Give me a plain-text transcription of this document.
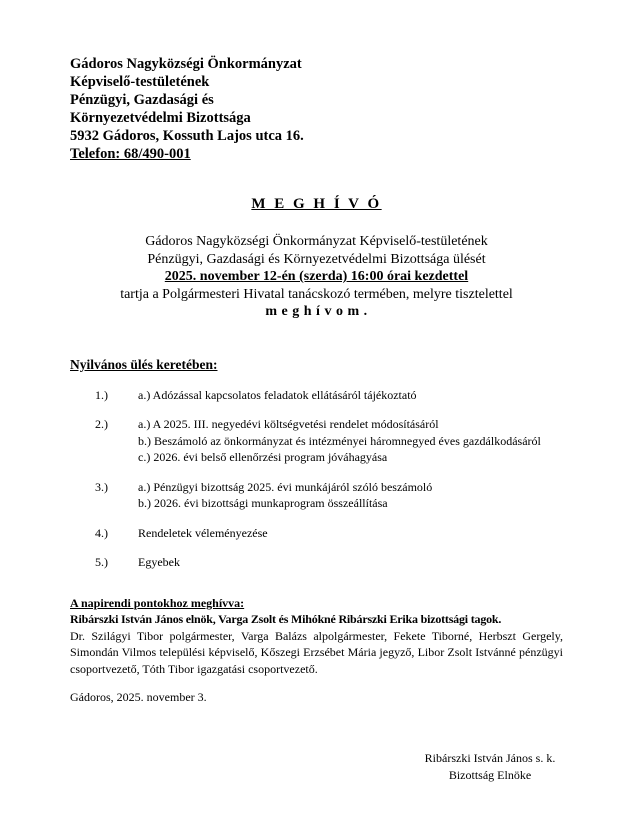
Gádoros Nagyközségi Önkormányzat
Képviselő-testületének
Pénzügyi, Gazdasági és
Környezetvédelmi Bizottsága
5932 Gádoros, Kossuth Lajos utca 16.
Telefon: 68/490-001
M E G H Í V Ó
Gádoros Nagyközségi Önkormányzat Képviselő-testületének
Pénzügyi, Gazdasági és Környezetvédelmi Bizottsága ülését
2025. november 12-én (szerda) 16:00 órai kezdettel
tartja a Polgármesteri Hivatal tanácskozó termében, melyre tisztelettel
m e g h í v o m .
Nyilvános ülés keretében:
1.)	a.) Adózással kapcsolatos feladatok ellátásáról tájékoztató
2.)	a.) A 2025. III. negyedévi költségvetési rendelet módosításáról
b.) Beszámoló az önkormányzat és intézményei háromnegyed éves gazdálkodásáról
c.) 2026. évi belső ellenőrzési program jóváhagyása
3.)	a.) Pénzügyi bizottság 2025. évi munkájáról szóló beszámoló
b.) 2026. évi bizottsági munkaprogram összeállítása
4.)	Rendeletek véleményezése
5.)	Egyebek
A napirendi pontokhoz meghívva:
Ribárszki István János elnök, Varga Zsolt és Mihókné Ribárszki Erika bizottsági tagok.
Dr. Szilágyi Tibor polgármester, Varga Balázs alpolgármester, Fekete Tiborné, Herbszt Gergely, Simondán Vilmos települési képviselő, Kőszegi Erzsébet Mária jegyző, Libor Zsolt Istvánné pénzügyi csoportvezető, Tóth Tibor igazgatási csoportvezető.
Gádoros, 2025. november 3.
Ribárszki István János s. k.
Bizottság Elnöke
